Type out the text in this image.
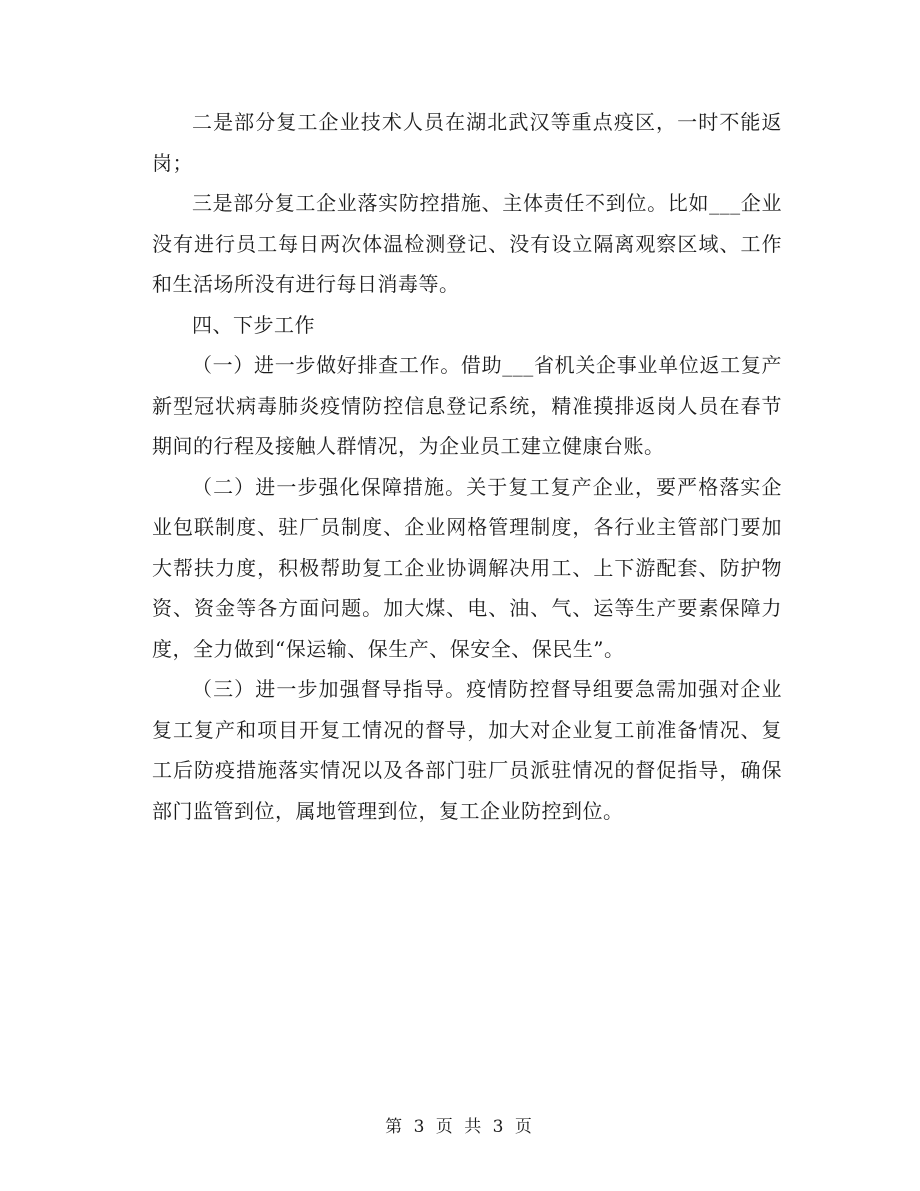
二是部分复工企业技术人员在湖北武汉等重点疫区，一时不能返岗；

三是部分复工企业落实防控措施、主体责任不到位。比如___企业没有进行员工每日两次体温检测登记、没有设立隔离观察区域、工作和生活场所没有进行每日消毒等。

四、下步工作

（一）进一步做好排查工作。借助___省机关企事业单位返工复产新型冠状病毒肺炎疫情防控信息登记系统，精准摸排返岗人员在春节期间的行程及接触人群情况，为企业员工建立健康台账。

（二）进一步强化保障措施。关于复工复产企业，要严格落实企业包联制度、驻厂员制度、企业网格管理制度，各行业主管部门要加大帮扶力度，积极帮助复工企业协调解决用工、上下游配套、防护物资、资金等各方面问题。加大煤、电、油、气、运等生产要素保障力度，全力做到“保运输、保生产、保安全、保民生”。

（三）进一步加强督导指导。疫情防控督导组要急需加强对企业复工复产和项目开复工情况的督导，加大对企业复工前准备情况、复工后防疫措施落实情况以及各部门驻厂员派驻情况的督促指导，确保部门监管到位，属地管理到位，复工企业防控到位。

第 3 页 共 3 页
